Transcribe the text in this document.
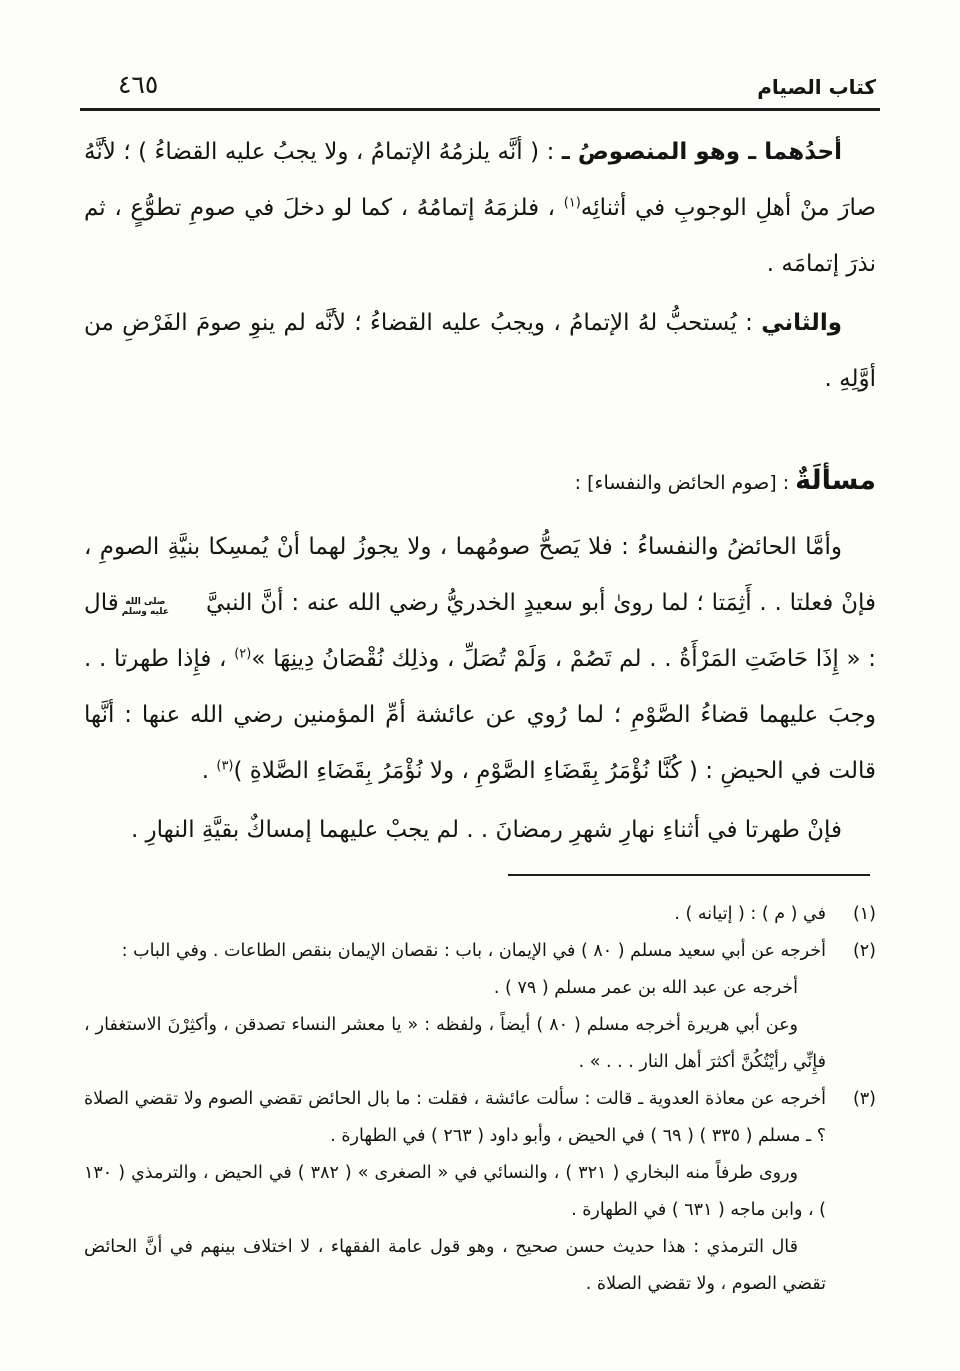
كتاب الصيام
٤٦٥

أحدُهما ـ وهو المنصوصُ ـ : ( أنَّه يلزمُهُ الإتمامُ ، ولا يجبُ عليه القضاءُ ) ؛ لأنَّهُ صارَ منْ أهلِ الوجوبِ في أثنائِه$^{(١)}$ ، فلزمَهُ إتمامُهُ ، كما لو دخلَ في صومِ تطوُّعٍ ، ثم نذرَ إتمامَه .

والثاني : يُستحبُّ لهُ الإتمامُ ، ويجبُ عليه القضاءُ ؛ لأنَّه لم ينوِ صومَ الفَرْضِ من أوَّلِهِ .

مسألَةٌ : [صوم الحائض والنفساء] :

وأمَّا الحائضُ والنفساءُ : فلا يَصحُّ صومُهما ، ولا يجوزُ لهما أنْ يُمسِكا بنيَّةِ الصومِ ، فإنْ فعلتا . . أَثِمَتا ؛ لما روىٰ أبو سعيدٍ الخدريُّ رضي الله عنه : أنَّ النبيَّ
صلى الله
عليه وسلم
قال : « إِذَا حَاضَتِ المَرْأَةُ . . لم تَصُمْ ، وَلَمْ تُصَلِّ ، وذلِك نُقْصَانُ دِينِهَا »$^{(٢)}$ ، فإِذا طهرتا . . وجبَ عليهما قضاءُ الصَّوْمِ ؛ لما رُوي عن عائشة أمِّ المؤمنين رضي الله عنها : أنَّها قالت في الحيضِ : ( كُنَّا نُؤْمَرُ بِقَضَاءِ الصَّوْمِ ، ولا نُؤْمَرُ بِقَضَاءِ الصَّلاةِ )$^{(٣)}$ .

فإنْ طهرتا في أثناءِ نهارِ شهرِ رمضانَ . . لم يجبْ عليهما إمساكٌ بقيَّةِ النهارِ .

(١)

في ( م ) : ( إتيانه ) .

(٢)

أخرجه عن أبي سعيد مسلم ( ٨٠ ) في الإيمان ، باب : نقصان الإيمان بنقص الطاعات . وفي الباب :

أخرجه عن عبد الله بن عمر مسلم ( ٧٩ ) .

وعن أبي هريرة أخرجه مسلم ( ٨٠ ) أيضاً ، ولفظه : « يا معشر النساء تصدقن ، وأكثِرْنَ الاستغفار ، فإِنِّي رأيْتُكُنَّ أكثرَ أهل النار . . . » .

(٣)

أخرجه عن معاذة العدوية ـ قالت : سألت عائشة ، فقلت : ما بال الحائض تقضي الصوم ولا تقضي الصلاة ؟ ـ مسلم ( ٣٣٥ ) ( ٦٩ ) في الحيض ، وأبو داود ( ٢٦٣ ) في الطهارة .

وروى طرفاً منه البخاري ( ٣٢١ ) ، والنسائي في « الصغرى » ( ٣٨٢ ) في الحيض ، والترمذي ( ١٣٠ ) ، وابن ماجه ( ٦٣١ ) في الطهارة .

قال الترمذي : هذا حديث حسن صحيح ، وهو قول عامة الفقهاء ، لا اختلاف بينهم في أنَّ الحائض تقضي الصوم ، ولا تقضي الصلاة .
